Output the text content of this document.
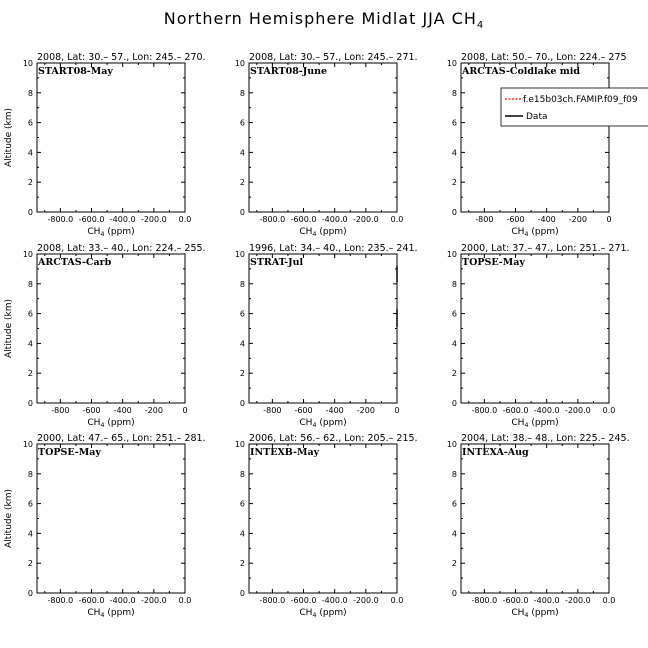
Northern Hemisphere Midlat JJA $CH_4$
2008, Lat: 30.– 57., Lon: 245.– 270.
START08-May
0
2
4
6
8
10
-800.0 -600.0 -400.0 -200.0 0.0
$CH_4$ (ppm)
Altitude (km)
2008, Lat: 30.– 57., Lon: 245.– 271.
START08-June
0
2
4
6
8
10
-800.0 -600.0 -400.0 -200.0 0.0
$CH_4$ (ppm)
2008, Lat: 50.– 70., Lon: 224.– 275
ARCTAS-Coldlake mid
0
2
4
6
8
10
-800 -600 -400 -200 0
$CH_4$ (ppm)
f.e15b03ch.FAMIP.f09_f09
Data
2008, Lat: 33.– 40., Lon: 224.– 255.
ARCTAS-Carb
0
2
4
6
8
10
-800 -600 -400 -200 0
$CH_4$ (ppm)
Altitude (km)
1996, Lat: 34.– 40., Lon: 235.– 241.
STRAT-Jul
0
2
4
6
8
10
-800 -600 -400 -200 0
$CH_4$ (ppm)
2000, Lat: 37.– 47., Lon: 251.– 271.
TOPSE-May
0
2
4
6
8
10
-800.0 -600.0 -400.0 -200.0 0.0
$CH_4$ (ppm)
2000, Lat: 47.– 65., Lon: 251.– 281.
TOPSE-May
0
2
4
6
8
10
-800.0 -600.0 -400.0 -200.0 0.0
$CH_4$ (ppm)
Altitude (km)
2006, Lat: 56.– 62., Lon: 205.– 215.
INTEXB-May
0
2
4
6
8
10
-800.0 -600.0 -400.0 -200.0 0.0
$CH_4$ (ppm)
2004, Lat: 38.– 48., Lon: 225.– 245.
INTEXA-Aug
0
2
4
6
8
10
-800.0 -600.0 -400.0 -200.0 0.0
$CH_4$ (ppm)
